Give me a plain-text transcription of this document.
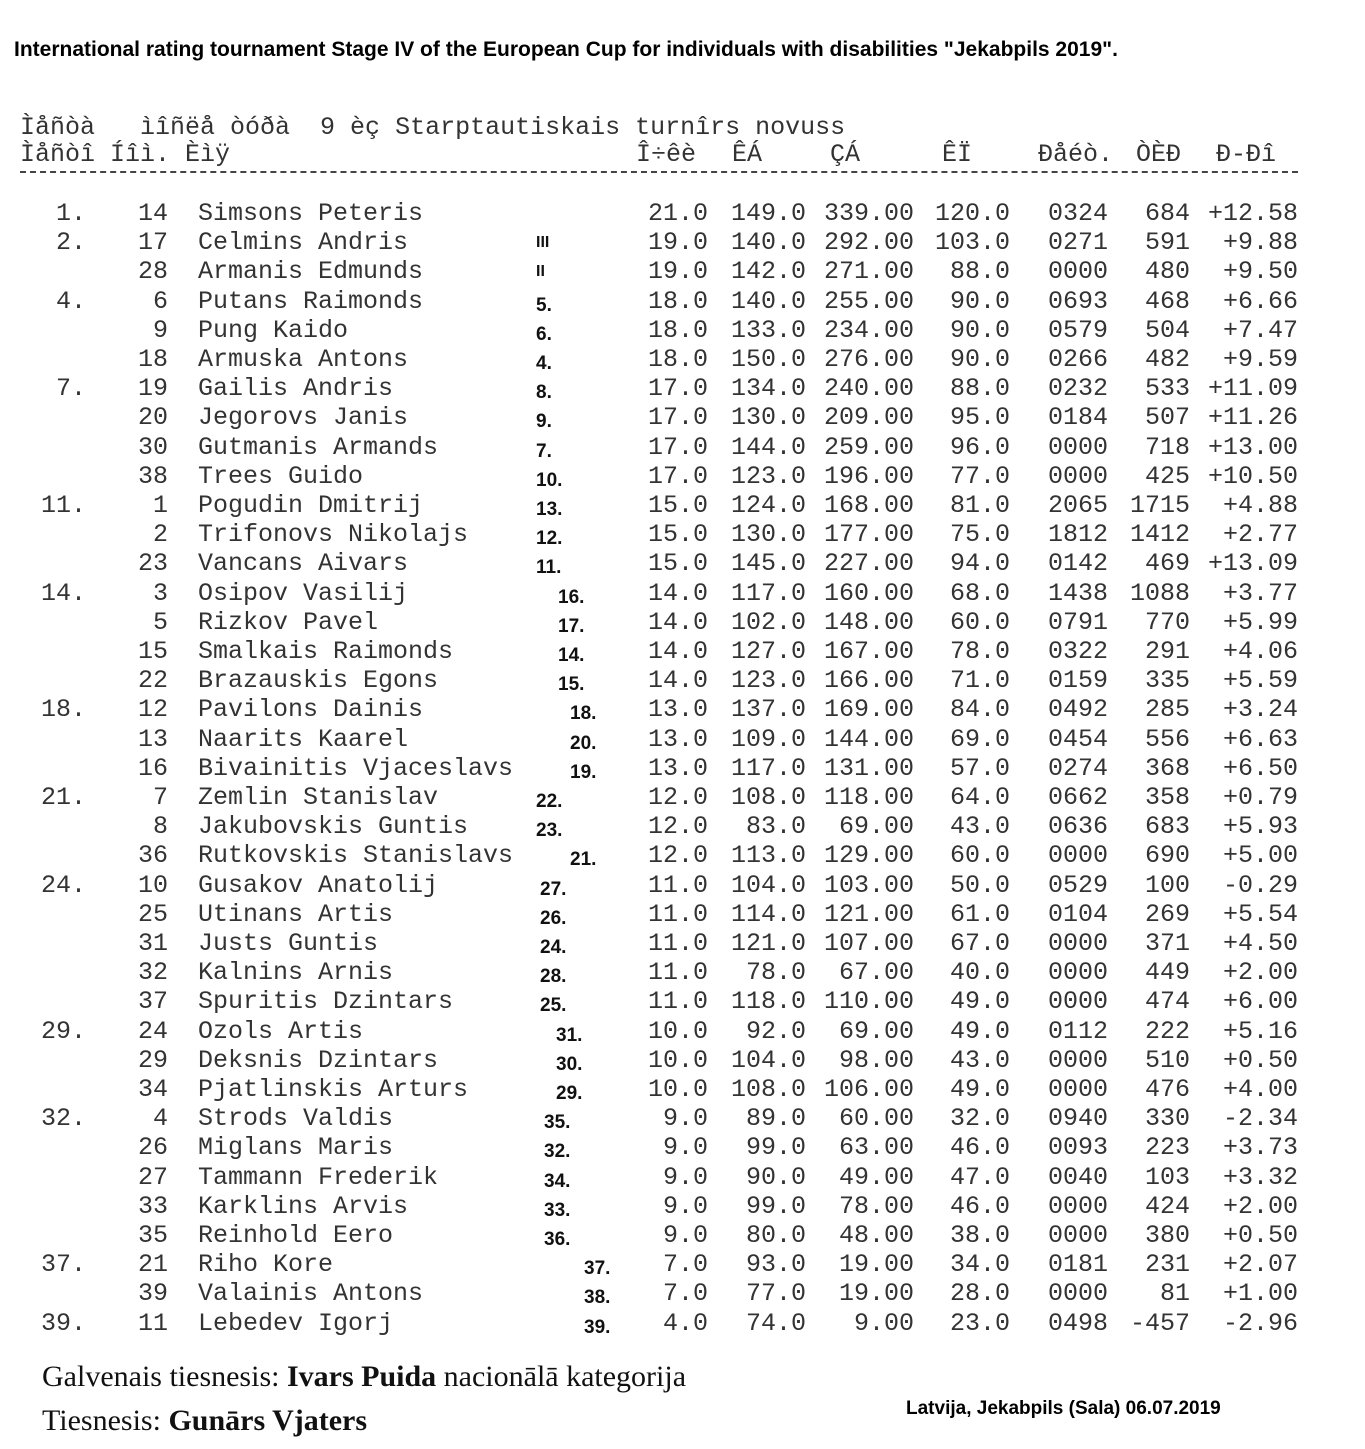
International rating tournament Stage IV of the European Cup for individuals with disabilities "Jekabpils 2019".
Ìåñòà   ìîñëå òóðà  9 èç Starptautiskais turnîrs novuss
Ìåñòî Íîì. Èìÿ	Î÷êè ÊÁ	ÇÁ	ÊÏ	Ðåéò. ÒÈÐ Ð-Ðî
1. 14 Simsons Peteris	21.0 149.0 339.00 120.0 0324 684 +12.58
2. 17 Celmins Andris	III	19.0 140.0 292.00 103.0 0271 591 +9.88
28 Armanis Edmunds	II	19.0 142.0 271.00 88.0 0000 480 +9.50
4.	6 Putans Raimonds	5.	18.0 140.0 255.00 90.0 0693 468 +6.66
9 Pung Kaido	6.	18.0 133.0 234.00 90.0 0579 504 +7.47
18 Armuska Antons	4.	18.0 150.0 276.00 90.0 0266 482 +9.59
7. 19 Gailis Andris	8.	17.0 134.0 240.00 88.0 0232 533 +11.09
20 Jegorovs Janis	9.	17.0 130.0 209.00 95.0 0184 507 +11.26
30 Gutmanis Armands	7.	17.0 144.0 259.00 96.0 0000 718 +13.00
38 Trees Guido	10.	17.0 123.0 196.00 77.0 0000 425 +10.50
11.	1 Pogudin Dmitrij	13.	15.0 124.0 168.00 81.0 2065 1715 +4.88
2 Trifonovs Nikolajs	12.	15.0 130.0 177.00 75.0 1812 1412 +2.77
23 Vancans Aivars	11.	15.0 145.0 227.00 94.0 0142 469 +13.09
14.	3 Osipov Vasilij	16.	14.0 117.0 160.00 68.0 1438 1088 +3.77
5 Rizkov Pavel	17.	14.0 102.0 148.00 60.0 0791 770 +5.99
15 Smalkais Raimonds	14.	14.0 127.0 167.00 78.0 0322 291 +4.06
22 Brazauskis Egons	15.	14.0 123.0 166.00 71.0 0159 335 +5.59
18. 12 Pavilons Dainis	18. 13.0 137.0 169.00 84.0 0492 285 +3.24
13 Naarits Kaarel	20. 13.0 109.0 144.00 69.0 0454 556 +6.63
16 Bivainitis Vjaceslavs	19. 13.0 117.0 131.00 57.0 0274 368 +6.50
21.	7 Zemlin Stanislav	22.	12.0 108.0 118.00 64.0 0662 358 +0.79
8 Jakubovskis Guntis	23.	12.0 83.0 69.00 43.0 0636 683 +5.93
36 Rutkovskis Stanislavs	21. 12.0 113.0 129.00 60.0 0000 690 +5.00
24. 10 Gusakov Anatolij	27.	11.0 104.0 103.00 50.0 0529 100 -0.29
25 Utinans Artis	26.	11.0 114.0 121.00 61.0 0104 269 +5.54
31 Justs Guntis	24.	11.0 121.0 107.00 67.0 0000 371 +4.50
32 Kalnins Arnis	28.	11.0 78.0 67.00 40.0 0000 449 +2.00
37 Spuritis Dzintars	25.	11.0 118.0 110.00 49.0 0000 474 +6.00
29. 24 Ozols Artis	31.	10.0 92.0 69.00 49.0 0112 222 +5.16
29 Deksnis Dzintars	30.	10.0 104.0 98.00 43.0 0000 510 +0.50
34 Pjatlinskis Arturs	29.	10.0 108.0 106.00 49.0 0000 476 +4.00
32.	4 Strods Valdis	35.	9.0 89.0 60.00 32.0 0940 330 -2.34
26 Miglans Maris	32.	9.0 99.0 63.00 46.0 0093 223 +3.73
27 Tammann Frederik	34.	9.0 90.0 49.00 47.0 0040 103 +3.32
33 Karklins Arvis	33.	9.0 99.0 78.00 46.0 0000 424 +2.00
35 Reinhold Eero	36.	9.0 80.0 48.00 38.0 0000 380 +0.50
37. 21 Riho Kore	37. 7.0 93.0 19.00 34.0 0181 231 +2.07
39 Valainis Antons	38. 7.0 77.0 19.00 28.0 0000 81 +1.00
39. 11 Lebedev Igorj	39. 4.0 74.0 9.00 23.0 0498 -457 -2.96
Galvenais tiesnesis: Ivars Puida nacionālā kategorija
Tiesnesis: Gunārs Vjaters	Latvija, Jekabpils (Sala) 06.07.2019
